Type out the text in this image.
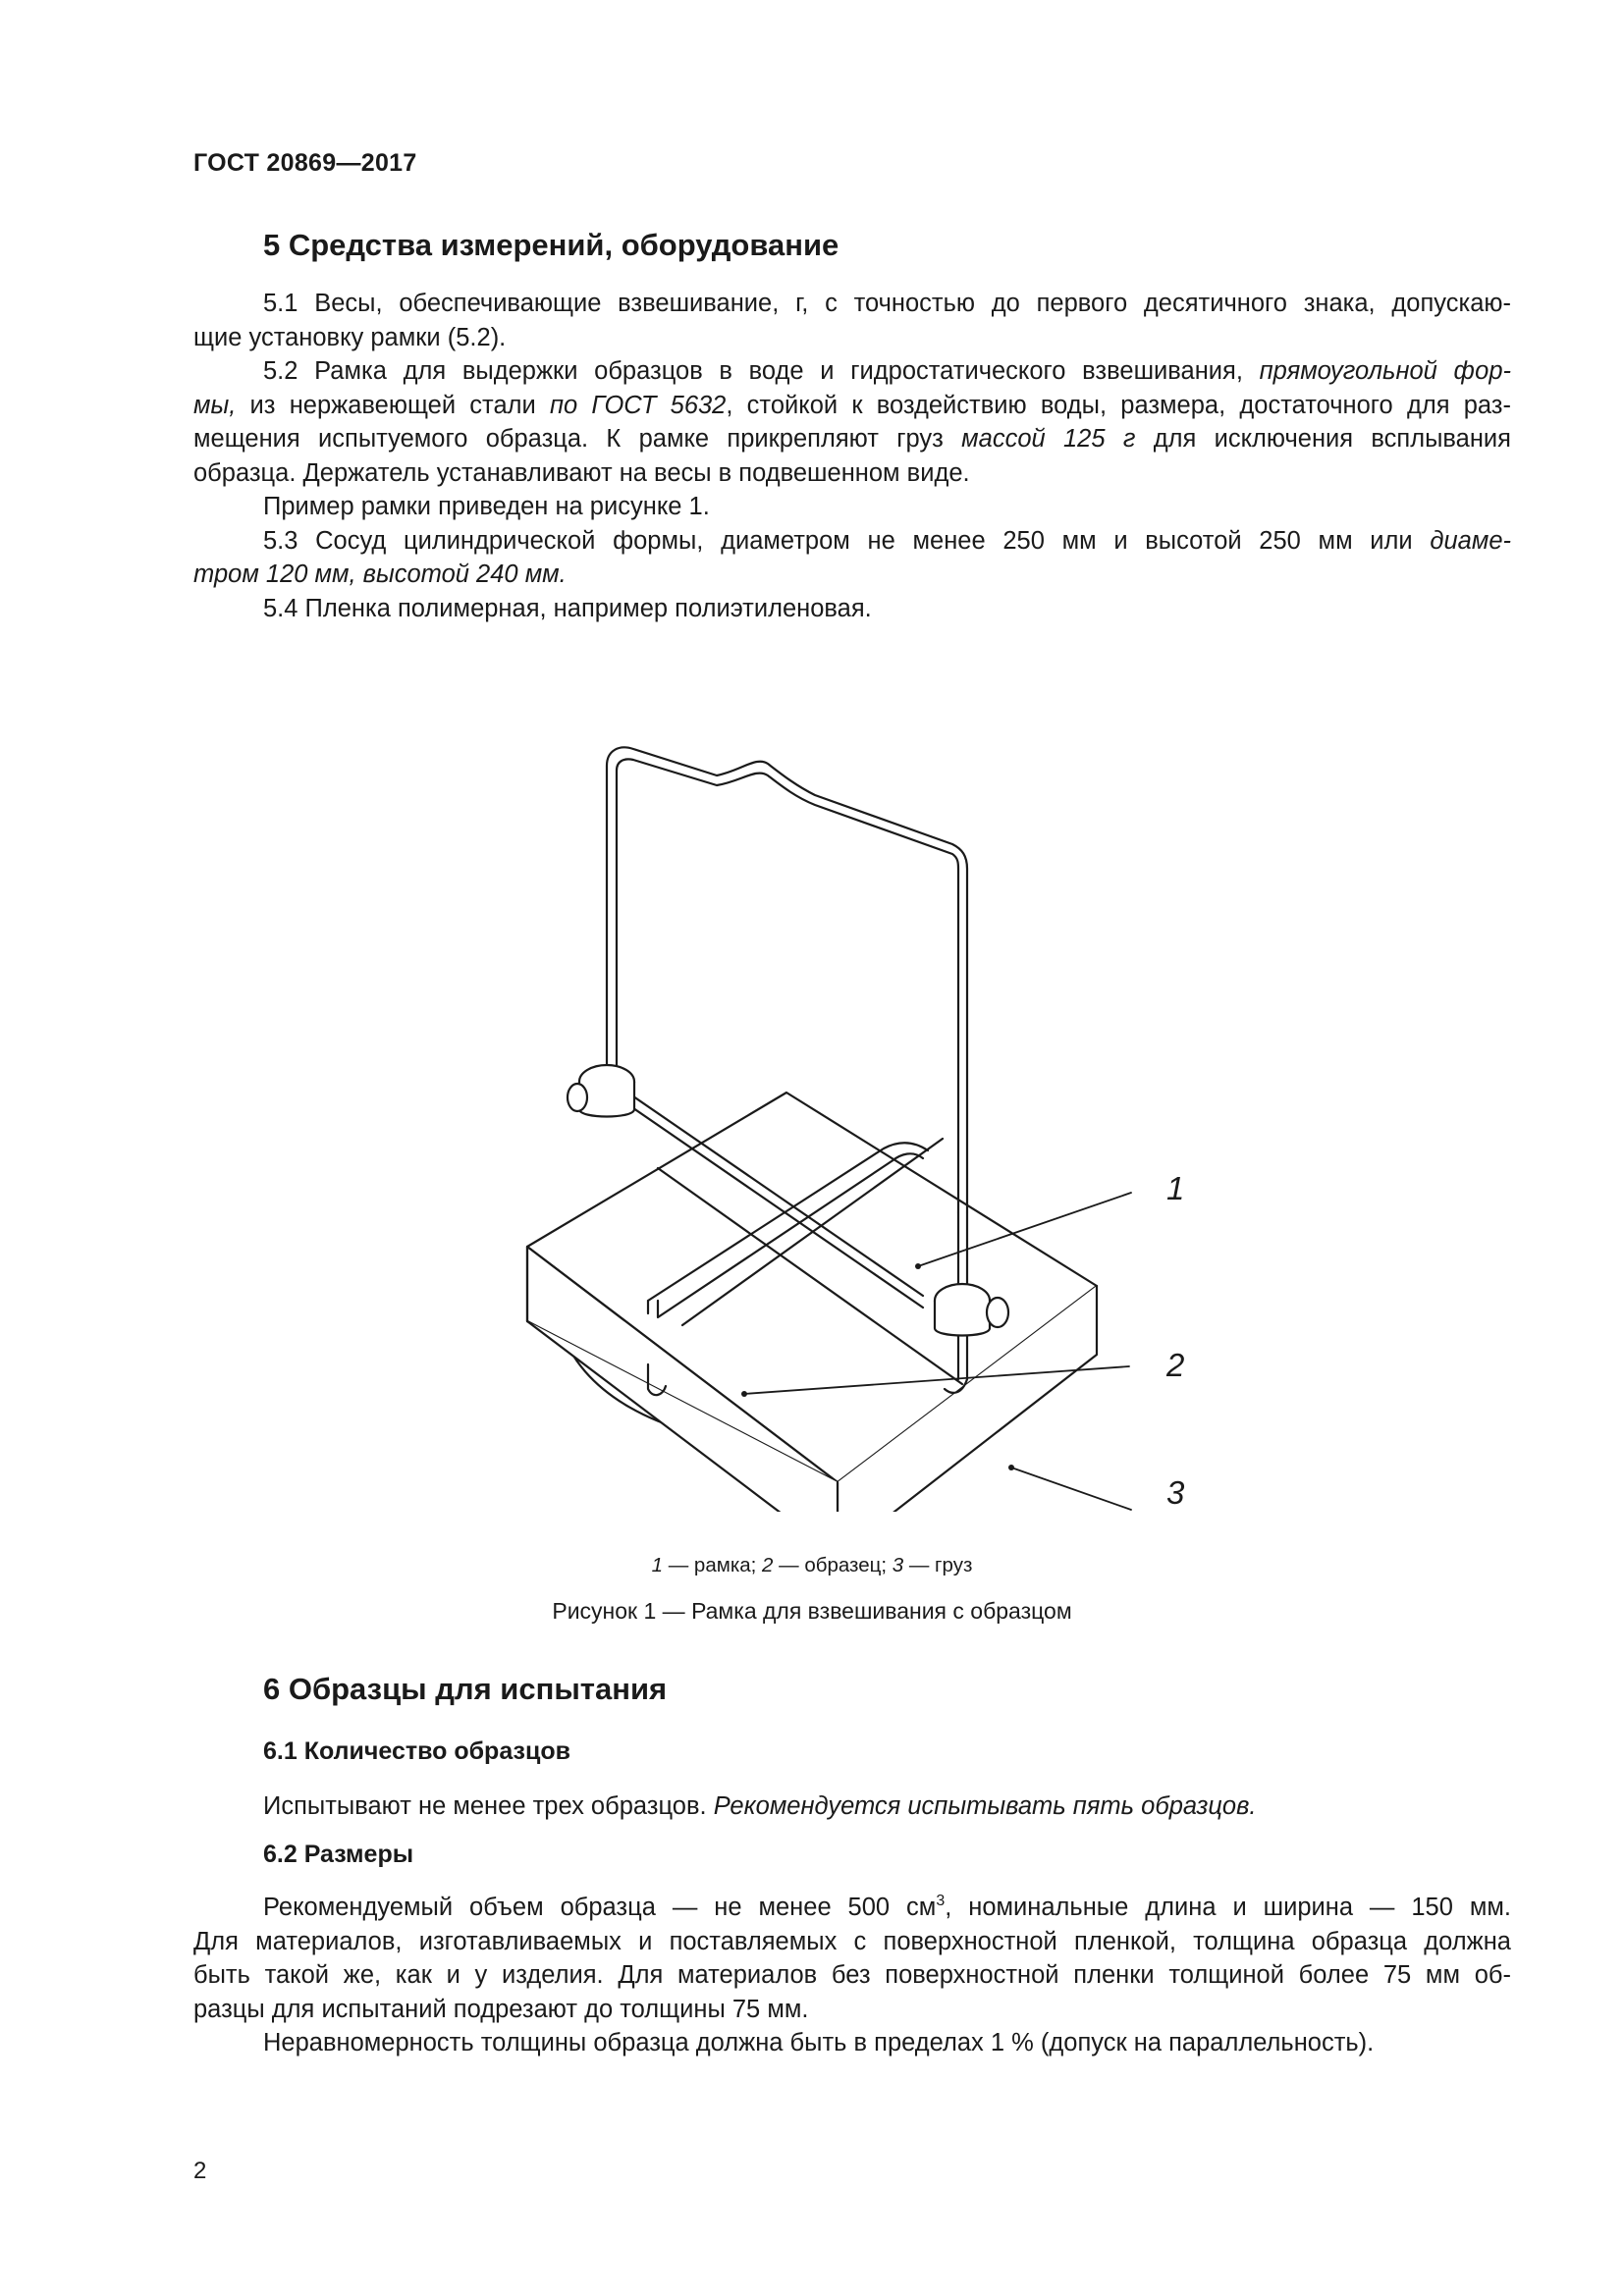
ГОСТ 20869—2017
5 Средства измерений, оборудование
5.1 Весы, обеспечивающие взвешивание, г, с точностью до первого десятичного знака, допускаю-
щие установку рамки (5.2).
5.2 Рамка для выдержки образцов в воде и гидростатического взвешивания, прямоугольной фор-
мы, из нержавеющей стали по ГОСТ 5632, стойкой к воздействию воды, размера, достаточного для раз-
мещения испытуемого образца. К рамке прикрепляют груз массой 125 г для исключения всплывания
образца. Держатель устанавливают на весы в подвешенном виде.
Пример рамки приведен на рисунке 1.
5.3 Сосуд цилиндрической формы, диаметром не менее 250 мм и высотой 250 мм или диаме-
тром 120 мм, высотой 240 мм.
5.4 Пленка полимерная, например полиэтиленовая.
1
2
3
1 — рамка; 2 — образец; 3 — груз
Рисунок 1 — Рамка для взвешивания с образцом
6 Образцы для испытания
6.1 Количество образцов
Испытывают не менее трех образцов. Рекомендуется испытывать пять образцов.
6.2 Размеры
Рекомендуемый объем образца — не менее 500 $см^3$, номинальные длина и ширина — 150 мм.
Для материалов, изготавливаемых и поставляемых с поверхностной пленкой, толщина образца должна
быть такой же, как и у изделия. Для материалов без поверхностной пленки толщиной более 75 мм об-
разцы для испытаний подрезают до толщины 75 мм.
Неравномерность толщины образца должна быть в пределах 1 % (допуск на параллельность).
2
